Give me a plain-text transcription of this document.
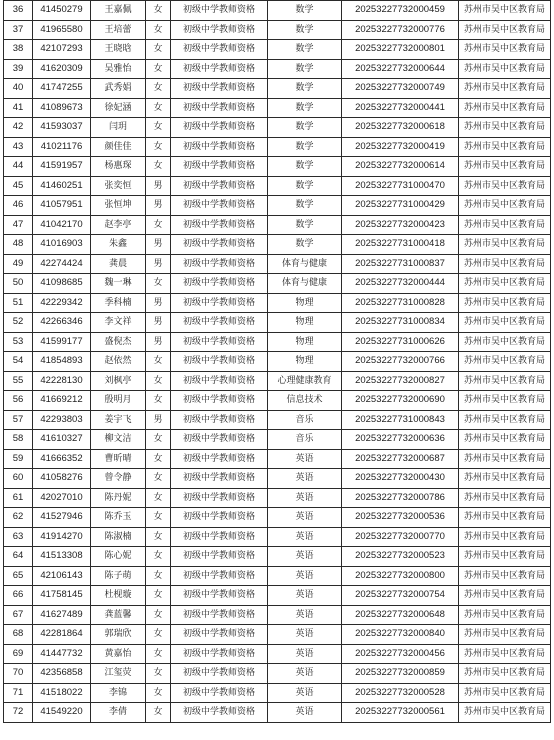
36	41450279	王嘉佩	女	初级中学教师资格	数学	20253227732000459	苏州市吴中区教育局
37	41965580	王培蕾	女	初级中学教师资格	数学	20253227732000776	苏州市吴中区教育局
38	42107293	王晓晗	女	初级中学教师资格	数学	20253227732000801	苏州市吴中区教育局
39	41620309	吴雅怡	女	初级中学教师资格	数学	20253227732000644	苏州市吴中区教育局
40	41747255	武秀娟	女	初级中学教师资格	数学	20253227732000749	苏州市吴中区教育局
41	41089673	徐妃涵	女	初级中学教师资格	数学	20253227732000441	苏州市吴中区教育局
42	41593037	闫玥	女	初级中学教师资格	数学	20253227732000618	苏州市吴中区教育局
43	41021176	颜佳佳	女	初级中学教师资格	数学	20253227732000419	苏州市吴中区教育局
44	41591957	杨惠琛	女	初级中学教师资格	数学	20253227732000614	苏州市吴中区教育局
45	41460251	张奕恒	男	初级中学教师资格	数学	20253227731000470	苏州市吴中区教育局
46	41057951	张恒坤	男	初级中学教师资格	数学	20253227731000429	苏州市吴中区教育局
47	41042170	赵李亭	女	初级中学教师资格	数学	20253227732000423	苏州市吴中区教育局
48	41016903	朱鑫	男	初级中学教师资格	数学	20253227731000418	苏州市吴中区教育局
49	42274424	龚晨	男	初级中学教师资格	体育与健康	20253227731000837	苏州市吴中区教育局
50	41098685	魏一琳	女	初级中学教师资格	体育与健康	20253227732000444	苏州市吴中区教育局
51	42229342	季科楠	男	初级中学教师资格	物理	20253227731000828	苏州市吴中区教育局
52	42266346	李文祥	男	初级中学教师资格	物理	20253227731000834	苏州市吴中区教育局
53	41599177	盛倪杰	男	初级中学教师资格	物理	20253227731000626	苏州市吴中区教育局
54	41854893	赵依然	女	初级中学教师资格	物理	20253227732000766	苏州市吴中区教育局
55	42228130	刘枫亭	女	初级中学教师资格	心理健康教育	20253227732000827	苏州市吴中区教育局
56	41669212	殷明月	女	初级中学教师资格	信息技术	20253227732000690	苏州市吴中区教育局
57	42293803	姜宇飞	男	初级中学教师资格	音乐	20253227731000843	苏州市吴中区教育局
58	41610327	柳文洁	女	初级中学教师资格	音乐	20253227732000636	苏州市吴中区教育局
59	41666352	曹昕晴	女	初级中学教师资格	英语	20253227732000687	苏州市吴中区教育局
60	41058276	曾令静	女	初级中学教师资格	英语	20253227732000430	苏州市吴中区教育局
61	42027010	陈丹妮	女	初级中学教师资格	英语	20253227732000786	苏州市吴中区教育局
62	41527946	陈乔玉	女	初级中学教师资格	英语	20253227732000536	苏州市吴中区教育局
63	41914270	陈淑楠	女	初级中学教师资格	英语	20253227732000770	苏州市吴中区教育局
64	41513308	陈心妮	女	初级中学教师资格	英语	20253227732000523	苏州市吴中区教育局
65	42106143	陈子萌	女	初级中学教师资格	英语	20253227732000800	苏州市吴中区教育局
66	41758145	杜枧璇	女	初级中学教师资格	英语	20253227732000754	苏州市吴中区教育局
67	41627489	龚蓝馨	女	初级中学教师资格	英语	20253227732000648	苏州市吴中区教育局
68	42281864	郭瑞欣	女	初级中学教师资格	英语	20253227732000840	苏州市吴中区教育局
69	41447732	黄嘉怡	女	初级中学教师资格	英语	20253227732000456	苏州市吴中区教育局
70	42356858	江玺荧	女	初级中学教师资格	英语	20253227732000859	苏州市吴中区教育局
71	41518022	李锦	女	初级中学教师资格	英语	20253227732000528	苏州市吴中区教育局
72	41549220	李倩	女	初级中学教师资格	英语	20253227732000561	苏州市吴中区教育局
